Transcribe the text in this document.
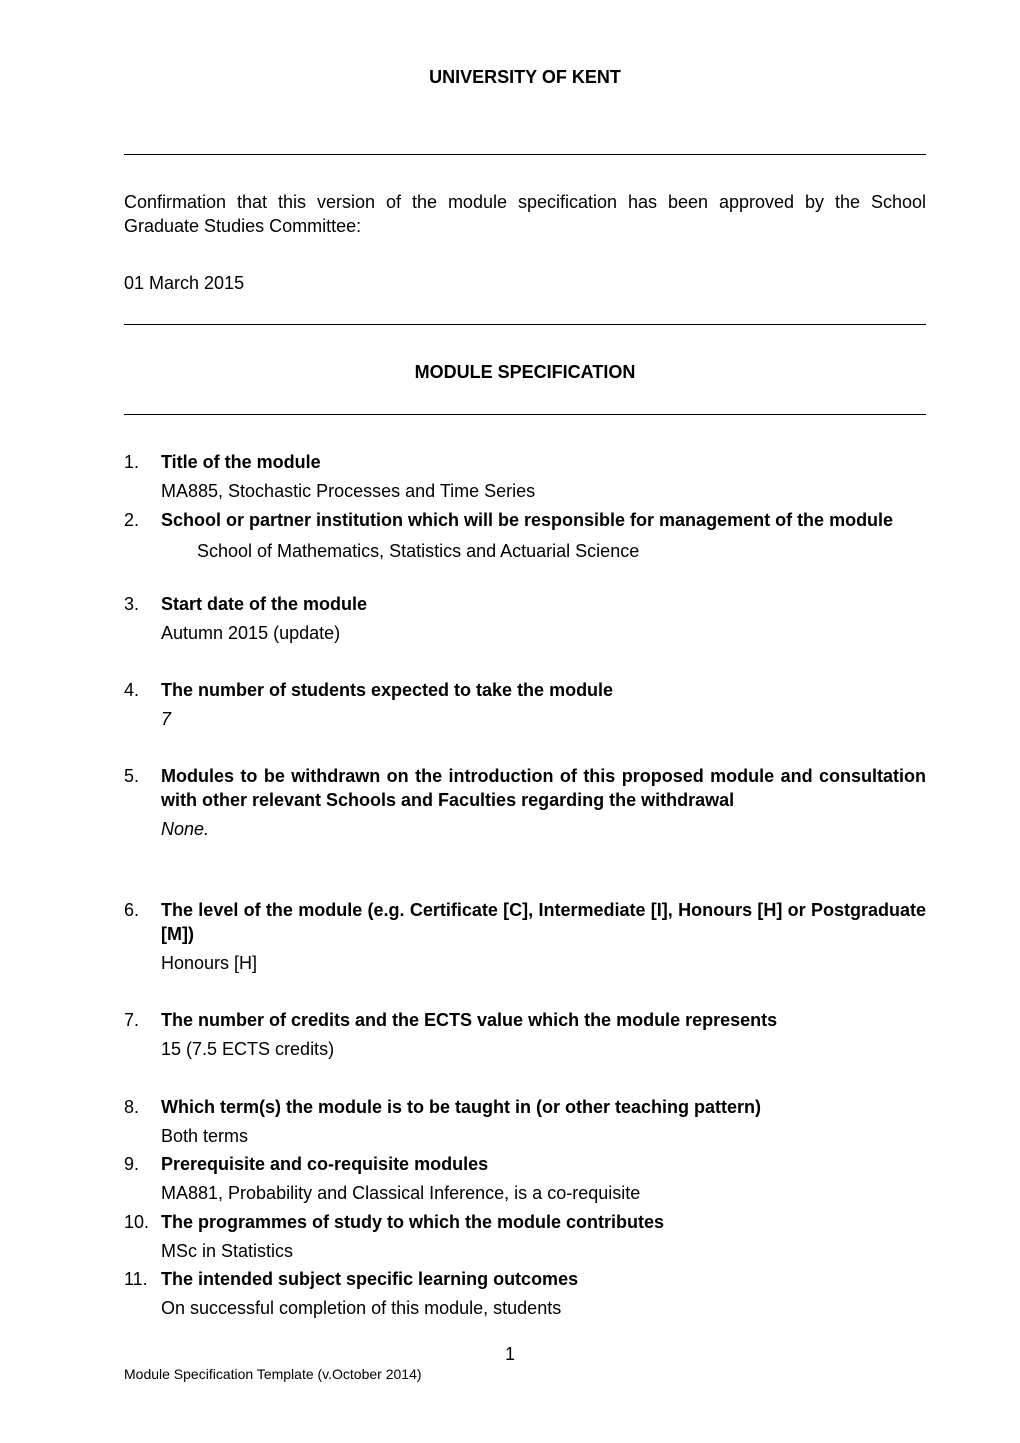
UNIVERSITY OF KENT
Confirmation that this version of the module specification has been approved by the School Graduate Studies Committee:
01 March 2015
MODULE SPECIFICATION
1. Title of the module
MA885, Stochastic Processes and Time Series
2. School or partner institution which will be responsible for management of the module
School of Mathematics, Statistics and Actuarial Science
3. Start date of the module
Autumn 2015 (update)
4. The number of students expected to take the module
7
5. Modules to be withdrawn on the introduction of this proposed module and consultation with other relevant Schools and Faculties regarding the withdrawal
None.
6. The level of the module (e.g. Certificate [C], Intermediate [I], Honours [H] or Postgraduate [M])
Honours [H]
7. The number of credits and the ECTS value which the module represents
15 (7.5 ECTS credits)
8. Which term(s) the module is to be taught in (or other teaching pattern)
Both terms
9. Prerequisite and co-requisite modules
MA881, Probability and Classical Inference, is a co-requisite
10. The programmes of study to which the module contributes
MSc in Statistics
11. The intended subject specific learning outcomes
On successful completion of this module, students
1
Module Specification Template (v.October 2014)
